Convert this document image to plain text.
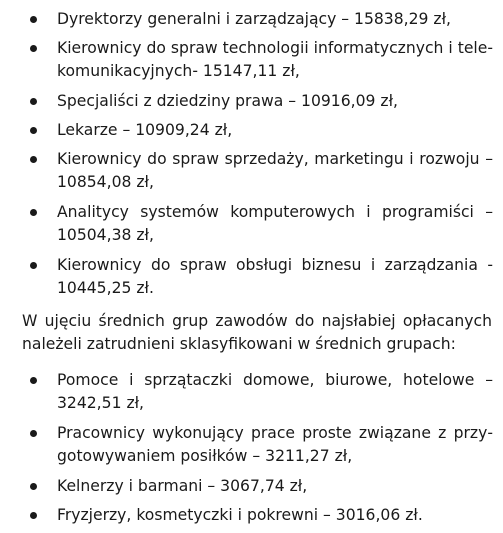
Dyrektorzy generalni i zarządzający – 15838,29 zł,
Kierownicy do spraw technologii informatycznych i telekomunikacyjnych- 15147,11 zł,
Specjaliści z dziedziny prawa – 10916,09 zł,
Lekarze – 10909,24 zł,
Kierownicy do spraw sprzedaży, marketingu i rozwoju – 10854,08 zł,
Analitycy systemów komputerowych i programiści – 10504,38 zł,
Kierownicy do spraw obsługi biznesu i zarządzania - 10445,25 zł.

W ujęciu średnich grup zawodów do najsłabiej opłacanych należeli zatrudnieni sklasyfikowani w średnich grupach:

Pomoce i sprzątaczki domowe, biurowe, hotelowe – 3242,51 zł,
Pracownicy wykonujący prace proste związane z przygotowywaniem posiłków – 3211,27 zł,
Kelnerzy i barmani – 3067,74 zł,
Fryzjerzy, kosmetyczki i pokrewni – 3016,06 zł.
